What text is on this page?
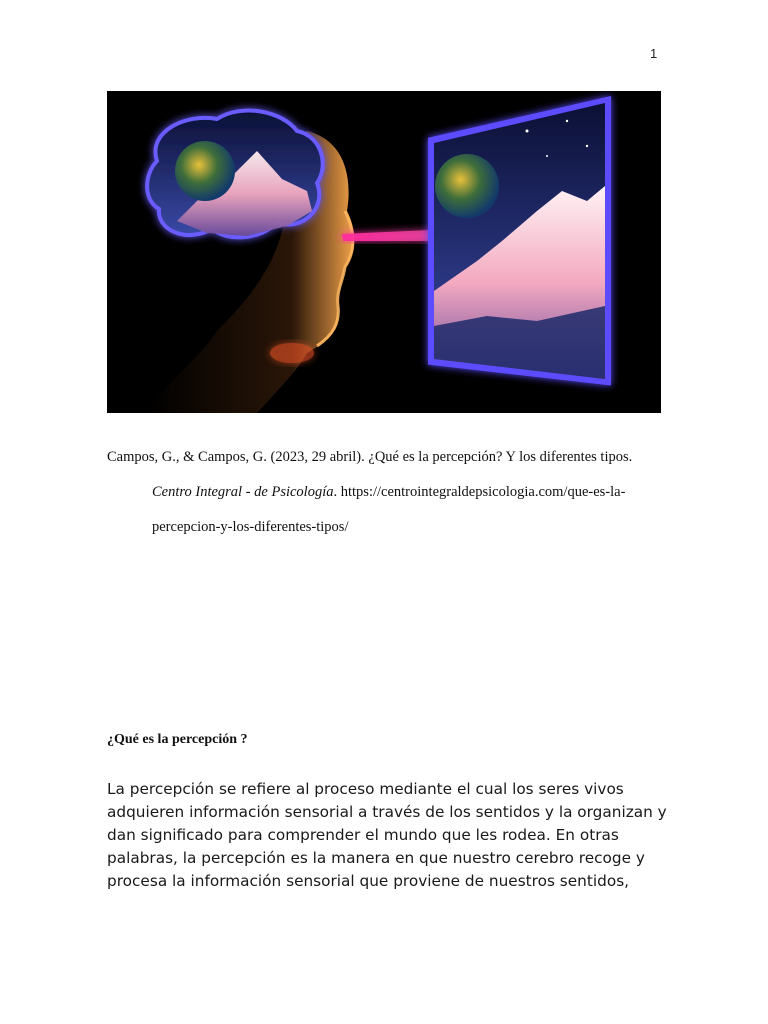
1
Campos, G., & Campos, G. (2023, 29 abril). ¿Qué es la percepción? Y los diferentes tipos.
Centro Integral - de Psicología. https://centrointegraldepsicologia.com/que-es-la-
percepcion-y-los-diferentes-tipos/
¿Qué es la percepción ?
La percepción se refiere al proceso mediante el cual los seres vivos
adquieren información sensorial a través de los sentidos y la organizan y
dan significado para comprender el mundo que les rodea. En otras
palabras, la percepción es la manera en que nuestro cerebro recoge y
procesa la información sensorial que proviene de nuestros sentidos,
